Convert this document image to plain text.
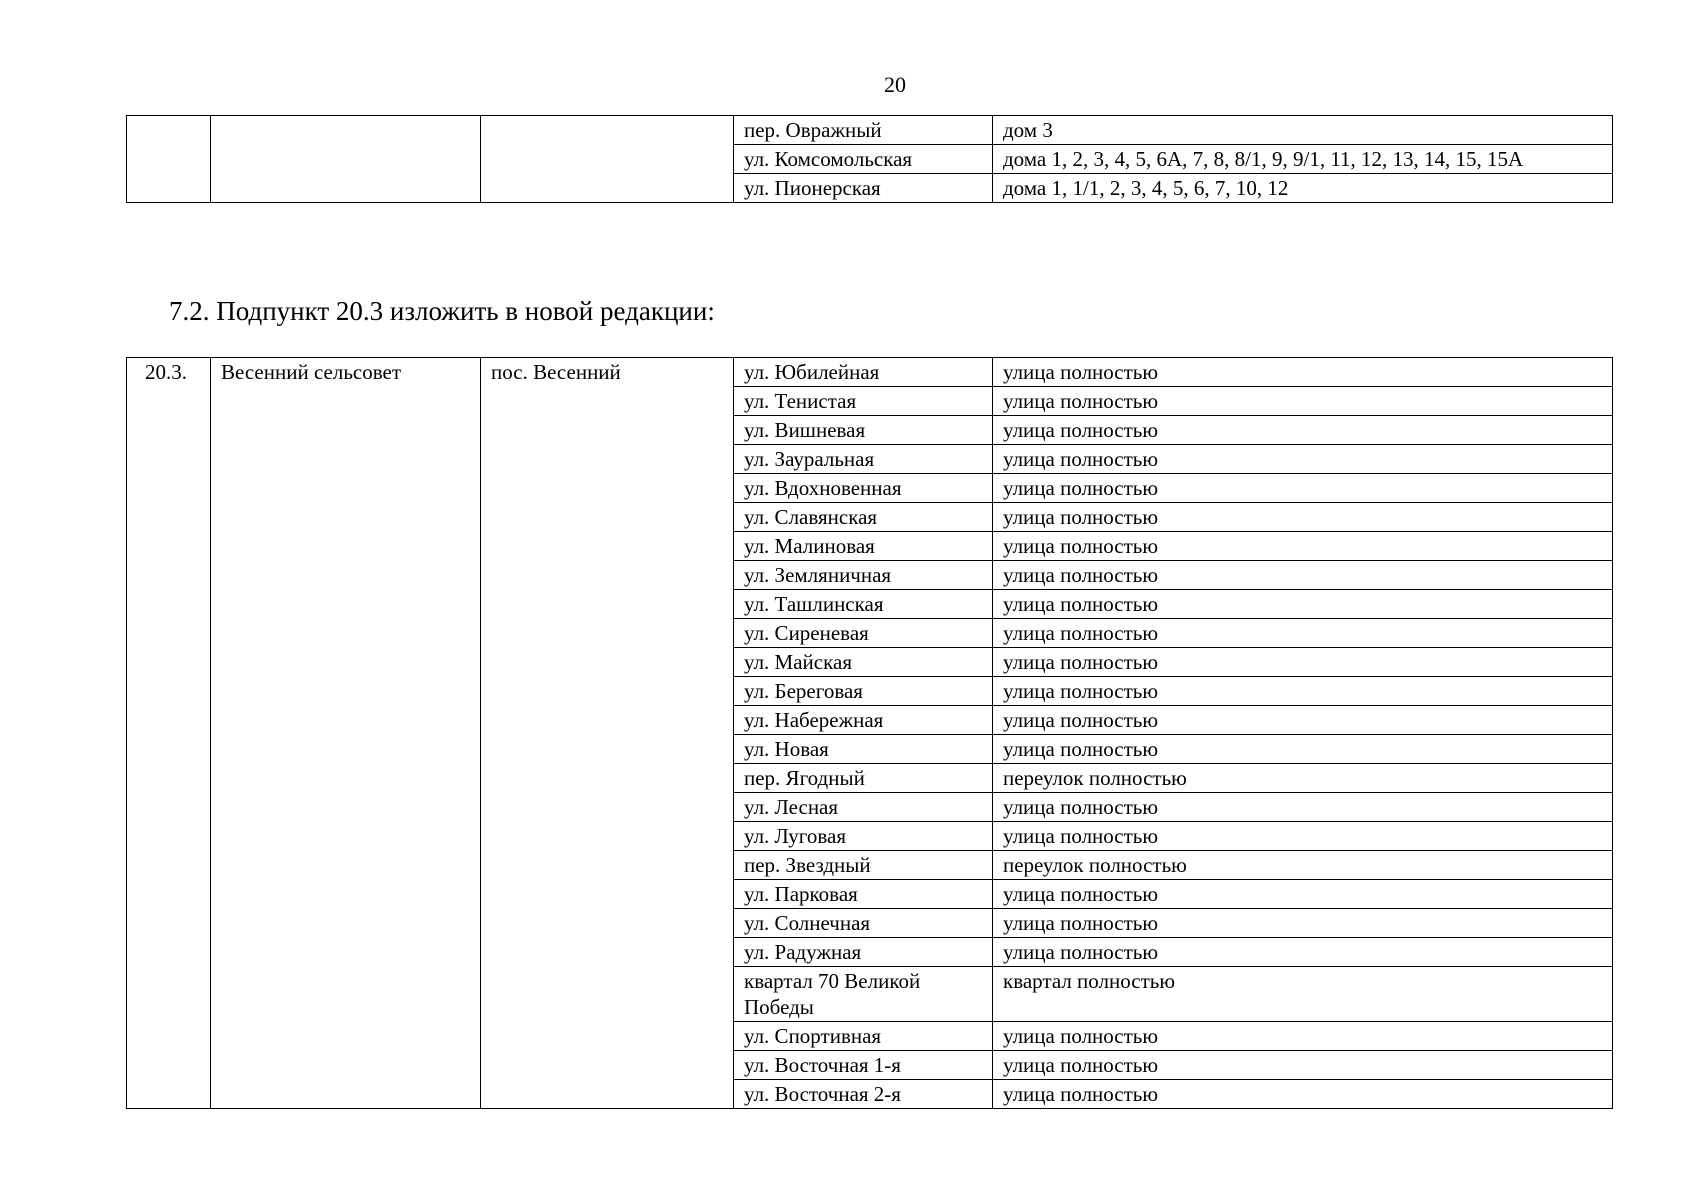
20
			пер. Овражный	дом 3
			ул. Комсомольская	дома 1, 2, 3, 4, 5, 6А, 7, 8, 8/1, 9, 9/1, 11, 12, 13, 14, 15, 15А
			ул. Пионерская	дома 1, 1/1, 2, 3, 4, 5, 6, 7, 10, 12
7.2. Подпункт 20.3 изложить в новой редакции:
20.3.	Весенний сельсовет	пос. Весенний	ул. Юбилейная	улица полностью
			ул. Тенистая	улица полностью
			ул. Вишневая	улица полностью
			ул. Зауральная	улица полностью
			ул. Вдохновенная	улица полностью
			ул. Славянская	улица полностью
			ул. Малиновая	улица полностью
			ул. Земляничная	улица полностью
			ул. Ташлинская	улица полностью
			ул. Сиреневая	улица полностью
			ул. Майская	улица полностью
			ул. Береговая	улица полностью
			ул. Набережная	улица полностью
			ул. Новая	улица полностью
			пер. Ягодный	переулок полностью
			ул. Лесная	улица полностью
			ул. Луговая	улица полностью
			пер. Звездный	переулок полностью
			ул. Парковая	улица полностью
			ул. Солнечная	улица полностью
			ул. Радужная	улица полностью
			квартал 70 Великой Победы	квартал полностью
			ул. Спортивная	улица полностью
			ул. Восточная 1-я	улица полностью
			ул. Восточная 2-я	улица полностью
